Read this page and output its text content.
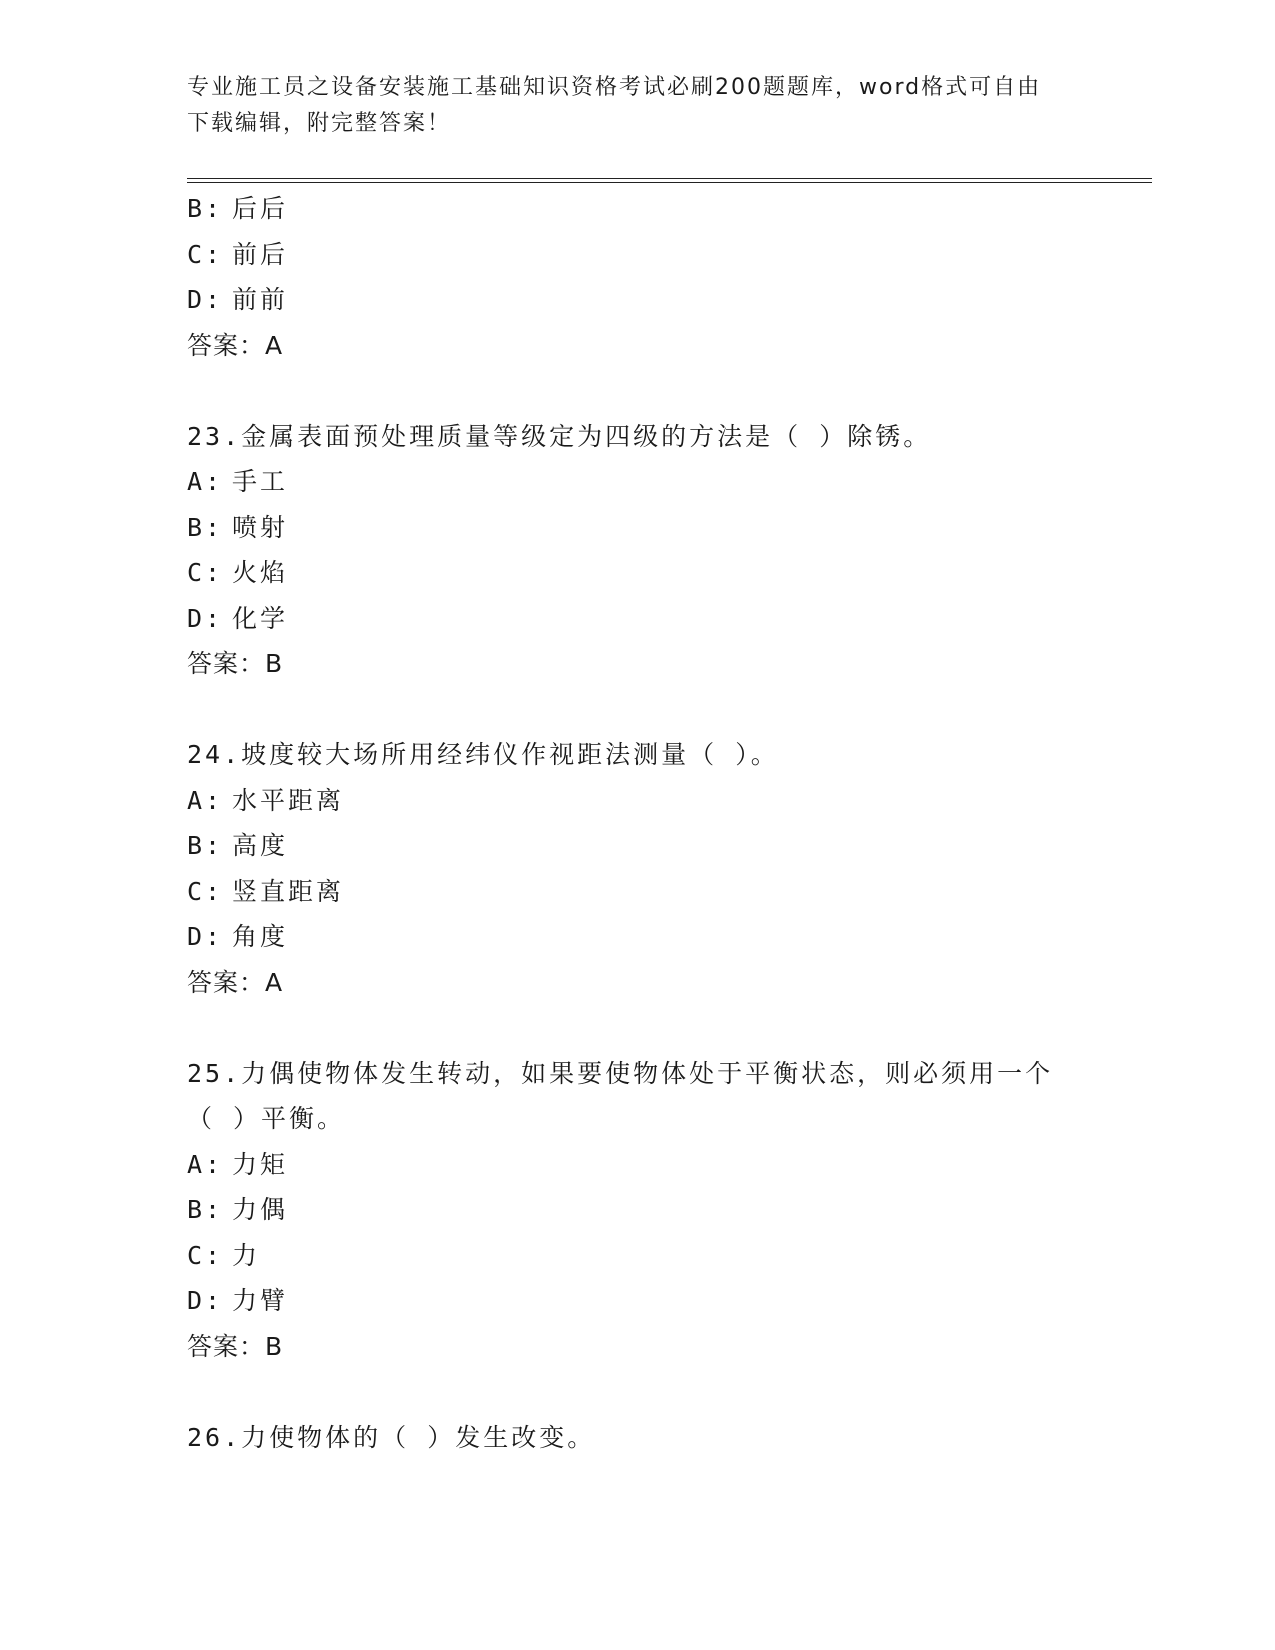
专业施工员之设备安装施工基础知识资格考试必刷200题题库，word格式可自由
下载编辑，附完整答案！
B: 后后
C: 前后
D: 前前
答案：A
23.金属表面预处理质量等级定为四级的方法是（ ）除锈。
A: 手工
B: 喷射
C: 火焰
D: 化学
答案：B
24.坡度较大场所用经纬仪作视距法测量（ ）。
A: 水平距离
B: 高度
C: 竖直距离
D: 角度
答案：A
25.力偶使物体发生转动，如果要使物体处于平衡状态，则必须用一个
（ ）平衡。
A: 力矩
B: 力偶
C: 力
D: 力臂
答案：B
26.力使物体的（ ）发生改变。
